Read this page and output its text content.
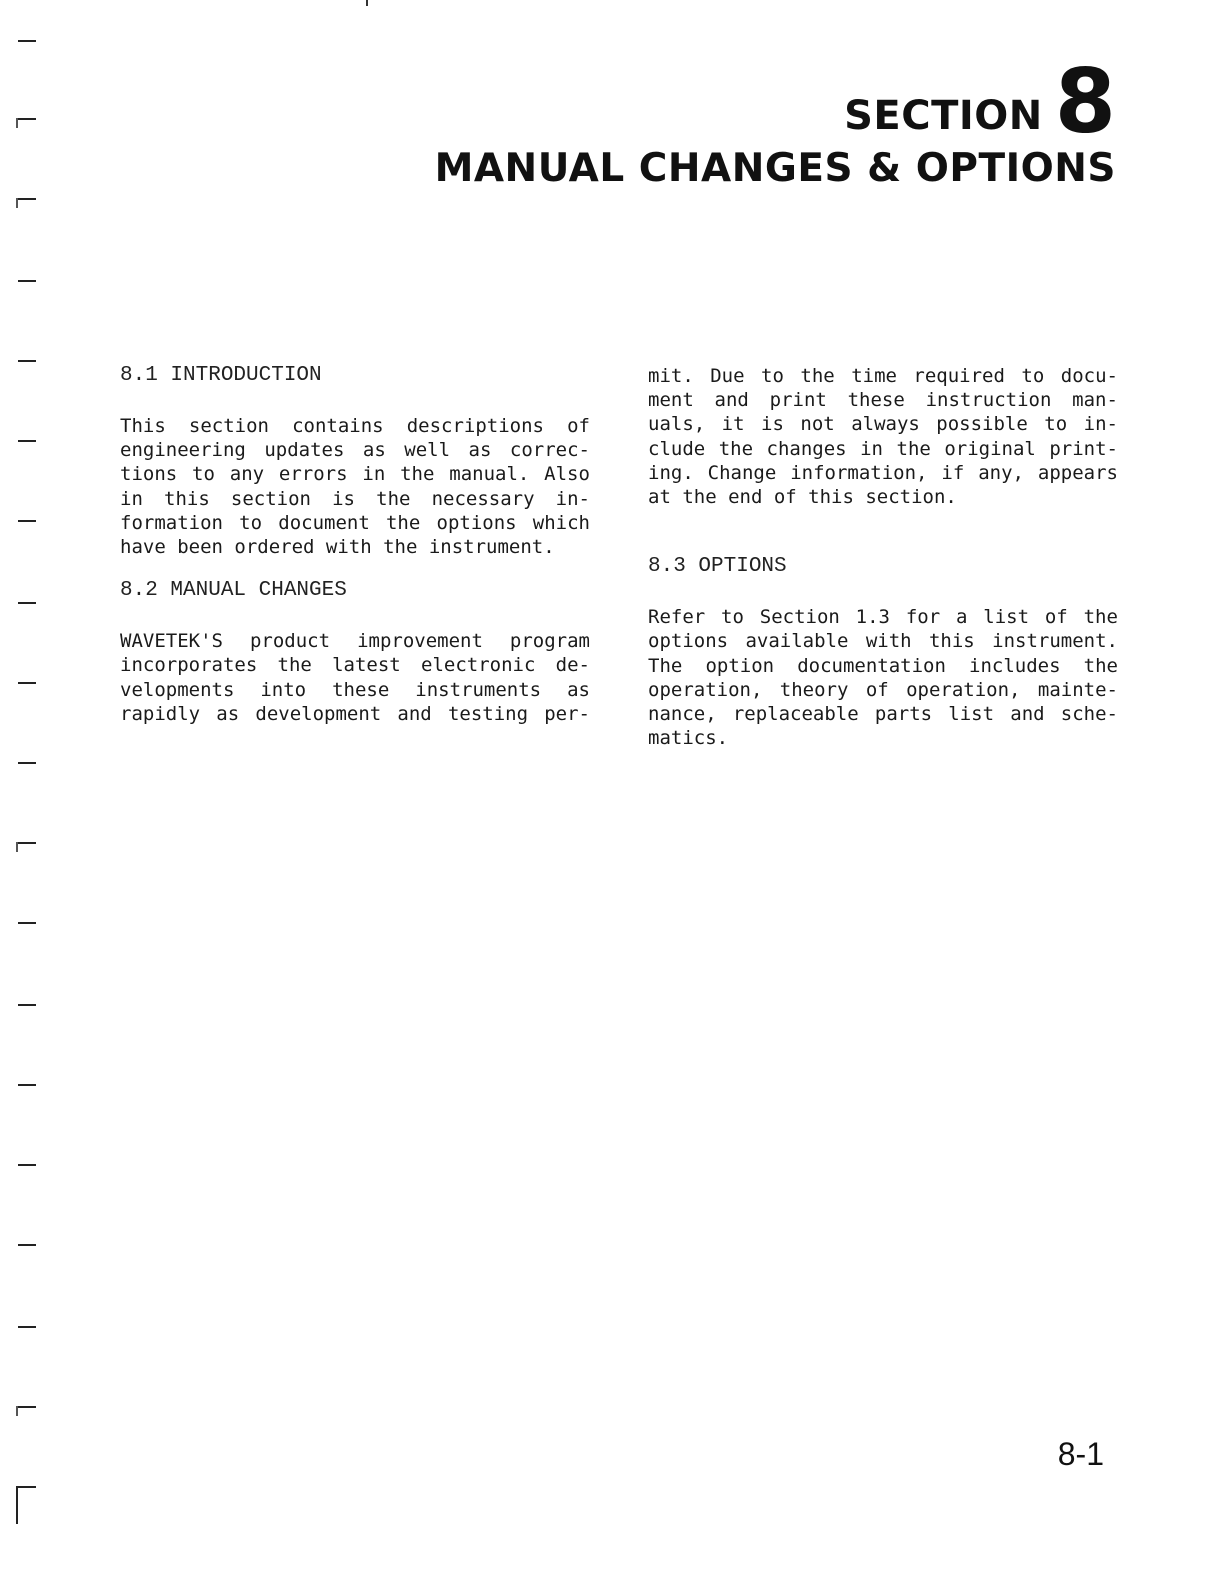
SECTION 8
MANUAL CHANGES & OPTIONS
8.1 INTRODUCTION
This section contains descriptions of
engineering updates as well as correc-
tions to any errors in the manual. Also
in this section is the necessary in-
formation to document the options which
have been ordered with the instrument.
8.2 MANUAL CHANGES
WAVETEK'S product improvement program
incorporates the latest electronic de-
velopments into these instruments as
rapidly as development and testing per-
mit. Due to the time required to docu-
ment and print these instruction man-
uals, it is not always possible to in-
clude the changes in the original print-
ing. Change information, if any, appears
at the end of this section.
8.3 OPTIONS
Refer to Section 1.3 for a list of the
options available with this instrument.
The option documentation includes the
operation, theory of operation, mainte-
nance, replaceable parts list and sche-
matics.
8-1
